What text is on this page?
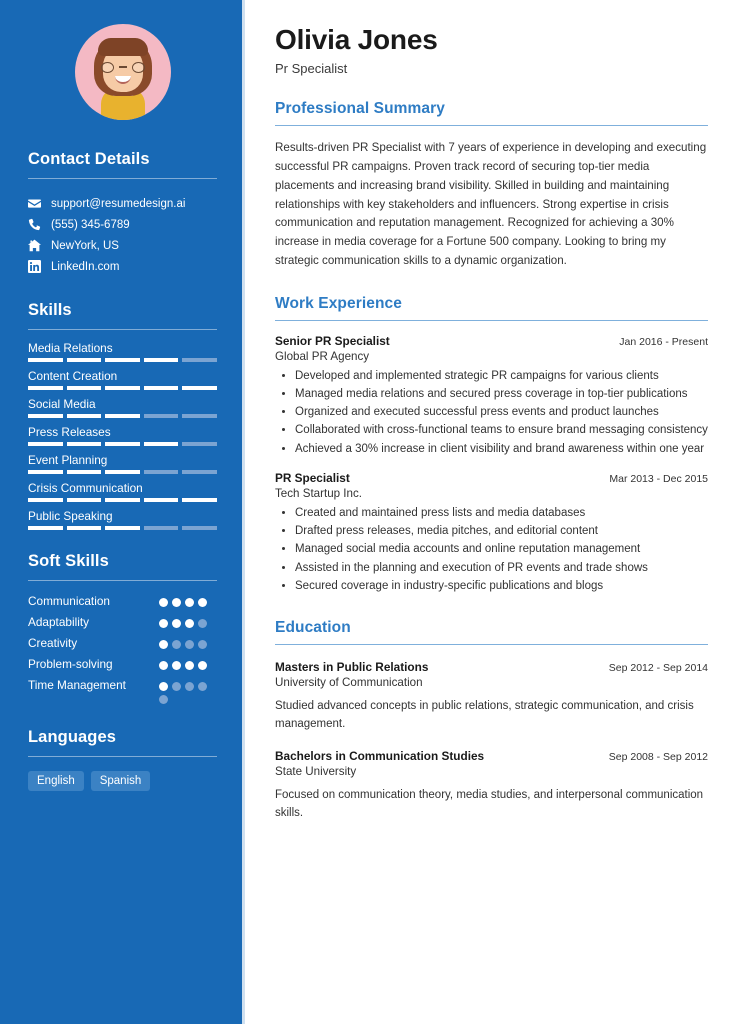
Contact Details
support@resumedesign.ai
(555) 345-6789
NewYork, US
LinkedIn.com
Skills
Media Relations
Content Creation
Social Media
Press Releases
Event Planning
Crisis Communication
Public Speaking
Soft Skills
Communication
Adaptability
Creativity
Problem-solving
Time Management
Languages
English	Spanish
Olivia Jones
Pr Specialist
Professional Summary

Results-driven PR Specialist with 7 years of experience in developing and executing successful PR campaigns. Proven track record of securing top-tier media placements and increasing brand visibility. Skilled in building and maintaining relationships with key stakeholders and influencers. Strong expertise in crisis communication and reputation management. Recognized for achieving a 30% increase in media coverage for a Fortune 500 company. Looking to bring my strategic communication skills to a dynamic organization.

Work Experience
Senior PR Specialist	Jan 2016 - Present
Global PR Agency
• Developed and implemented strategic PR campaigns for various clients
• Managed media relations and secured press coverage in top-tier publications
• Organized and executed successful press events and product launches
• Collaborated with cross-functional teams to ensure brand messaging consistency
• Achieved a 30% increase in client visibility and brand awareness within one year
PR Specialist	Mar 2013 - Dec 2015
Tech Startup Inc.
• Created and maintained press lists and media databases
• Drafted press releases, media pitches, and editorial content
• Managed social media accounts and online reputation management
• Assisted in the planning and execution of PR events and trade shows
• Secured coverage in industry-specific publications and blogs
Education
Masters in Public Relations	Sep 2012 - Sep 2014
University of Communication
Studied advanced concepts in public relations, strategic communication, and crisis management.
Bachelors in Communication Studies	Sep 2008 - Sep 2012
State University
Focused on communication theory, media studies, and interpersonal communication skills.
